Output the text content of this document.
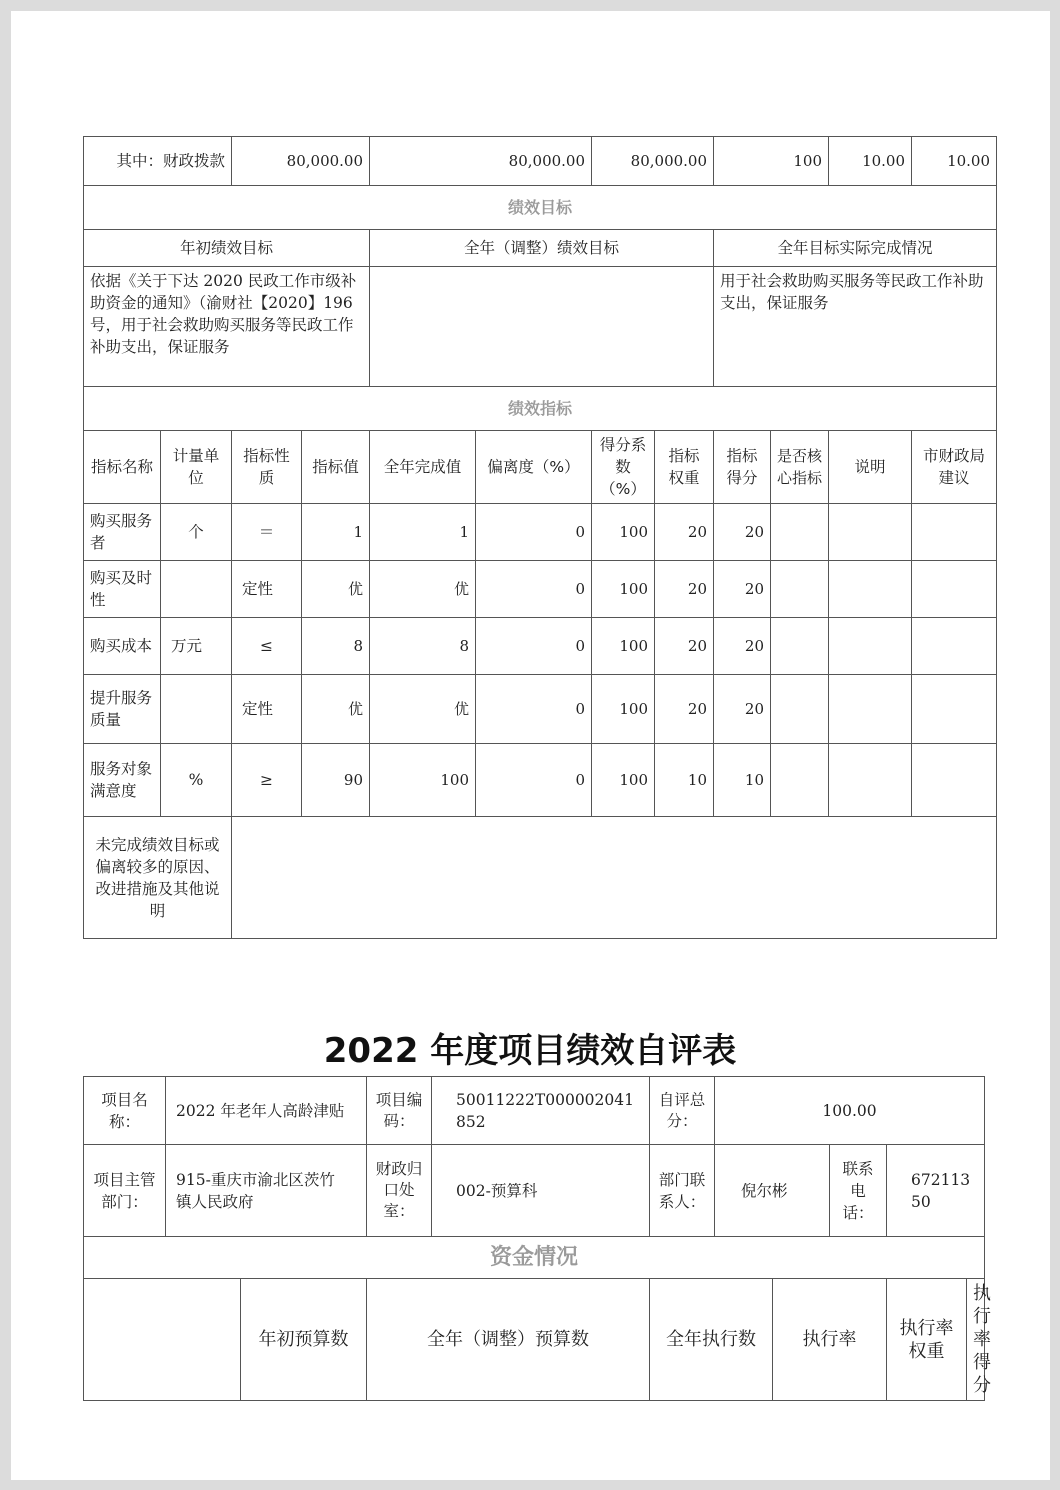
其中：财政拨款		80,000.00		80,000.00		80,000.00		100		10.00	10.00
绩效目标											
年初绩效目标				全年（调整）绩效目标				全年目标实际完成情况			
依据《关于下达 2020 民政工作市级补助资金的通知》（渝财社【2020】196 号，用于社会救助购买服务等民政工作补助支出，保证服务								用于社会救助购买服务等民政工作补助支出，保证服务			
绩效指标											
指标名称	计量单位	指标性质	指标值	全年完成值	偏离度（%）	得分系数（%）	指标权重	指标得分	是否核心指标	说明	市财政局建议
购买服务者	个	＝	1	1	0	100	20	20			
购买及时性		定性	优	优	0	100	20	20			
购买成本	万元	≤	8	8	0	100	20	20			
提升服务质量		定性	优	优	0	100	20	20			
服务对象满意度	%	≥	90	100	0	100	10	10			
未完成绩效目标或偏离较多的原因、改进措施及其他说明											
2022 年度项目绩效自评表
项目名称：	2022 年老年人高龄津贴		项目编码：	50011222T000002041852	自评总分：	100.00				
项目主管部门：	915-重庆市渝北区茨竹镇人民政府		财政归口处室：	002-预算科	部门联系人：	倪尔彬		联系电话：	67211350	
资金情况										
		年初预算数	全年（调整）预算数		全年执行数		执行率		执行率权重	执行率得分
